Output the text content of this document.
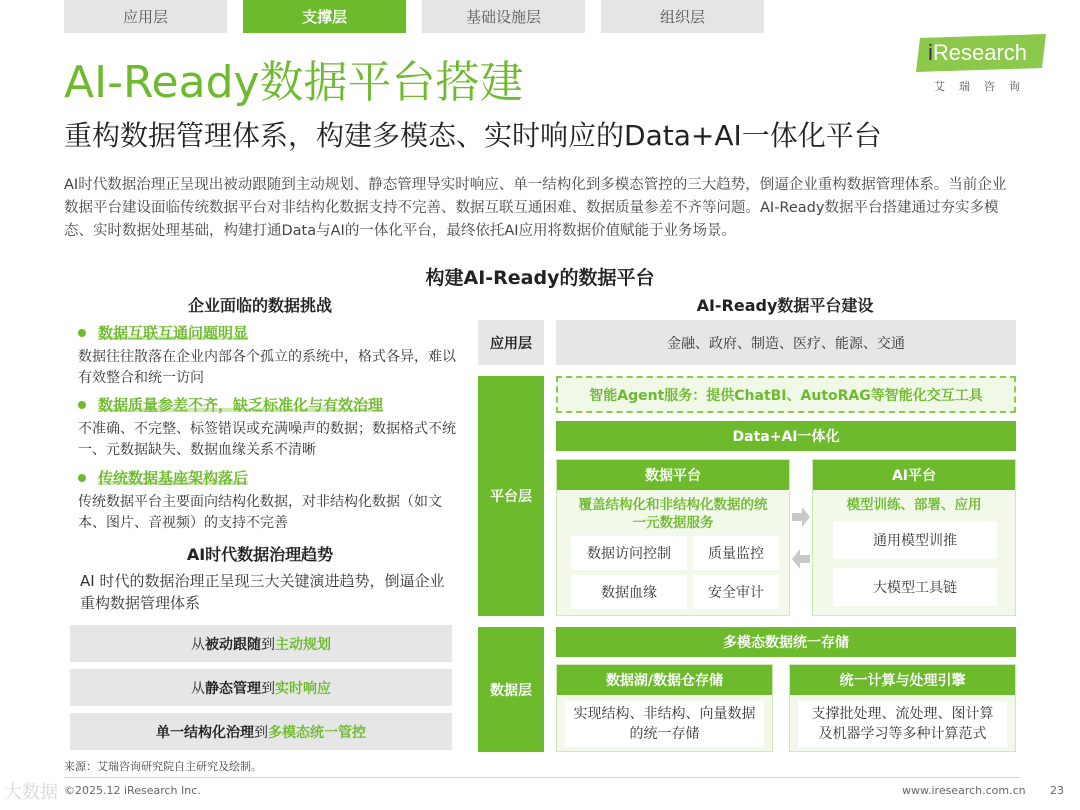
应用层	支撑层	基础设施层	组织层
iResearch
艾瑞咨询
AI-Ready数据平台搭建
重构数据管理体系，构建多模态、实时响应的Data+AI一体化平台
AI时代数据治理正呈现出被动跟随到主动规划、静态管理导实时响应、单一结构化到多模态管控的三大趋势，倒逼企业重构数据管理体系。当前企业数据平台建设面临传统数据平台对非结构化数据支持不完善、数据互联互通困难、数据质量参差不齐等问题。AI-Ready数据平台搭建通过夯实多模态、实时数据处理基础，构建打通Data与AI的一体化平台，最终依托AI应用将数据价值赋能于业务场景。
构建AI-Ready的数据平台
企业面临的数据挑战
数据互联互通问题明显
数据往往散落在企业内部各个孤立的系统中，格式各异，难以有效整合和统一访问
数据质量参差不齐，缺乏标准化与有效治理
不准确、不完整、标签错误或充满噪声的数据；数据格式不统一、元数据缺失、数据血缘关系不清晰
传统数据基座架构落后
传统数据平台主要面向结构化数据，对非结构化数据（如文本、图片、音视频）的支持不完善
AI时代数据治理趋势
AI 时代的数据治理正呈现三大关键演进趋势，倒逼企业重构数据管理体系
从 被动跟随 到 主动规划
从 静态管理 到 实时响应
单一结构化治理 到 多模态统一管控
AI-Ready数据平台建设
应用层	金融、政府、制造、医疗、能源、交通
平台层
智能Agent服务：提供ChatBI、AutoRAG等智能化交互工具
Data+AI一体化
数据平台
覆盖结构化和非结构化数据的统一元数据服务
数据访问控制	质量监控
数据血缘	安全审计
AI平台
模型训练、部署、应用
通用模型训推
大模型工具链
数据层
多模态数据统一存储
数据湖/数据仓存储
实现结构、非结构、向量数据的统一存储
统一计算与处理引擎
支撑批处理、流处理、图计算及机器学习等多种计算范式
来源：艾瑞咨询研究院自主研究及绘制。
大数据 ©2025.12 iResearch Inc.	www.iresearch.com.cn 23
